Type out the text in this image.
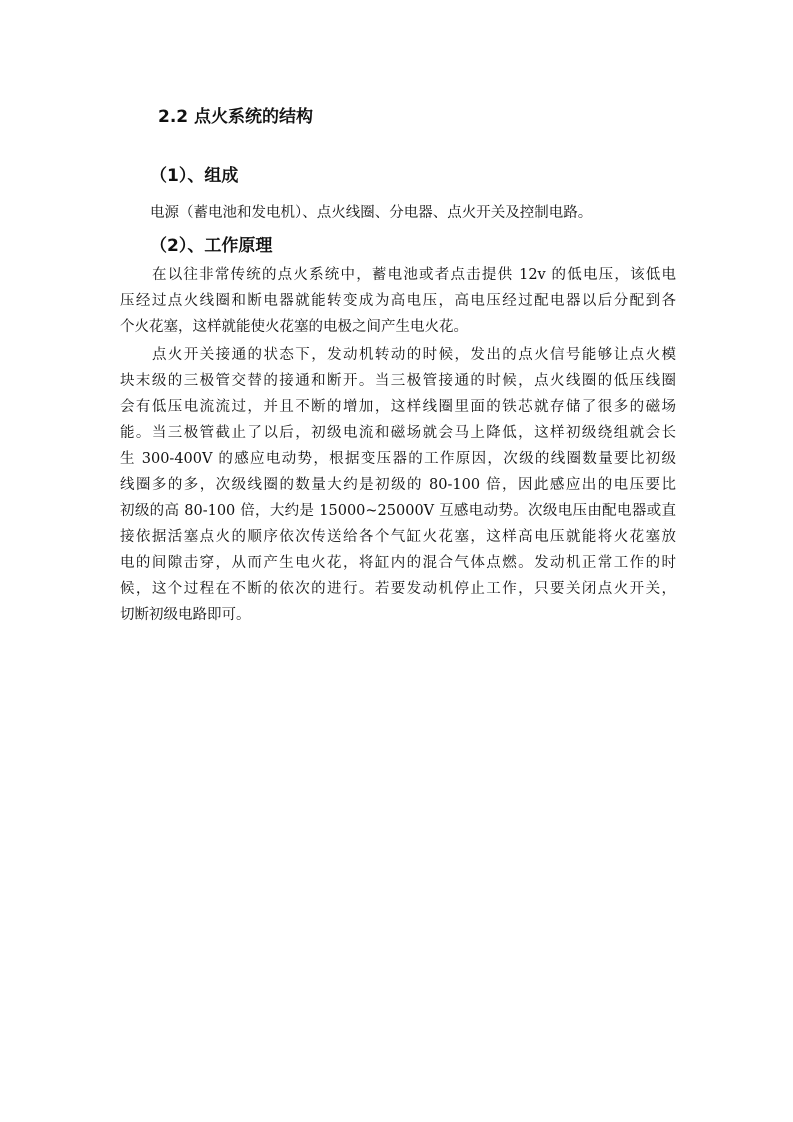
2.2 点火系统的结构
（1）、组成

电源（蓄电池和发电机）、点火线圈、分电器、点火开关及控制电路。

（2）、工作原理

在以往非常传统的点火系统中，蓄电池或者点击提供 12v 的低电压，该低电

压经过点火线圈和断电器就能转变成为高电压，高电压经过配电器以后分配到各

个火花塞，这样就能使火花塞的电极之间产生电火花。

点火开关接通的状态下，发动机转动的时候，发出的点火信号能够让点火模

块末级的三极管交替的接通和断开。当三极管接通的时候，点火线圈的低压线圈

会有低压电流流过，并且不断的增加，这样线圈里面的铁芯就存储了很多的磁场

能。当三极管截止了以后，初级电流和磁场就会马上降低，这样初级绕组就会长

生 300-400V 的感应电动势，根据变压器的工作原因，次级的线圈数量要比初级

线圈多的多，次级线圈的数量大约是初级的 80-100 倍，因此感应出的电压要比

初级的高 80-100 倍，大约是 15000~25000V 互感电动势。次级电压由配电器或直

接依据活塞点火的顺序依次传送给各个气缸火花塞，这样高电压就能将火花塞放

电的间隙击穿，从而产生电火花，将缸内的混合气体点燃。发动机正常工作的时

候，这个过程在不断的依次的进行。若要发动机停止工作，只要关闭点火开关，

切断初级电路即可。
